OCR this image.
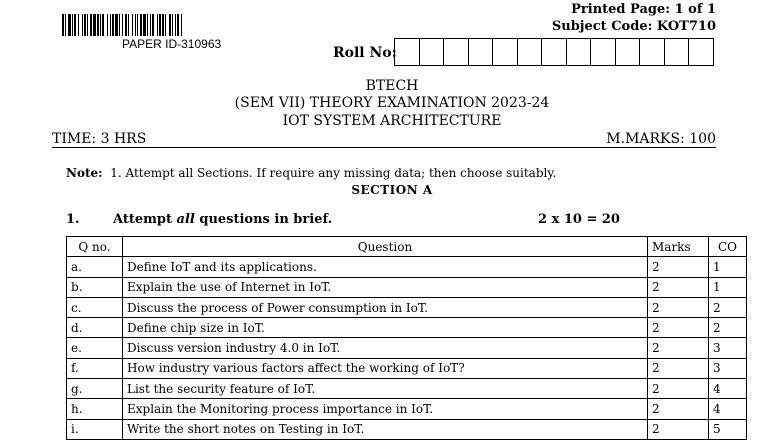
PAPER ID-310963
Printed Page: 1 of 1
Subject Code: KOT710
Roll No:
BTECH
(SEM VII) THEORY EXAMINATION 2023-24
IOT SYSTEM ARCHITECTURE
TIME: 3 HRS	M.MARKS: 100
Note: 1. Attempt all Sections. If require any missing data; then choose suitably.
SECTION A
1.	Attempt all questions in brief.	2 x 10 = 20
Q no.	Question	Marks	CO
a.	Define IoT and its applications.	2	1
b.	Explain the use of Internet in IoT.	2	1
c.	Discuss the process of Power consumption in IoT.	2	2
d.	Define chip size in IoT.	2	2
e.	Discuss version industry 4.0 in IoT.	2	3
f.	How industry various factors affect the working of IoT?	2	3
g.	List the security feature of IoT.	2	4
h.	Explain the Monitoring process importance in IoT.	2	4
i.	Write the short notes on Testing in IoT.	2	5
